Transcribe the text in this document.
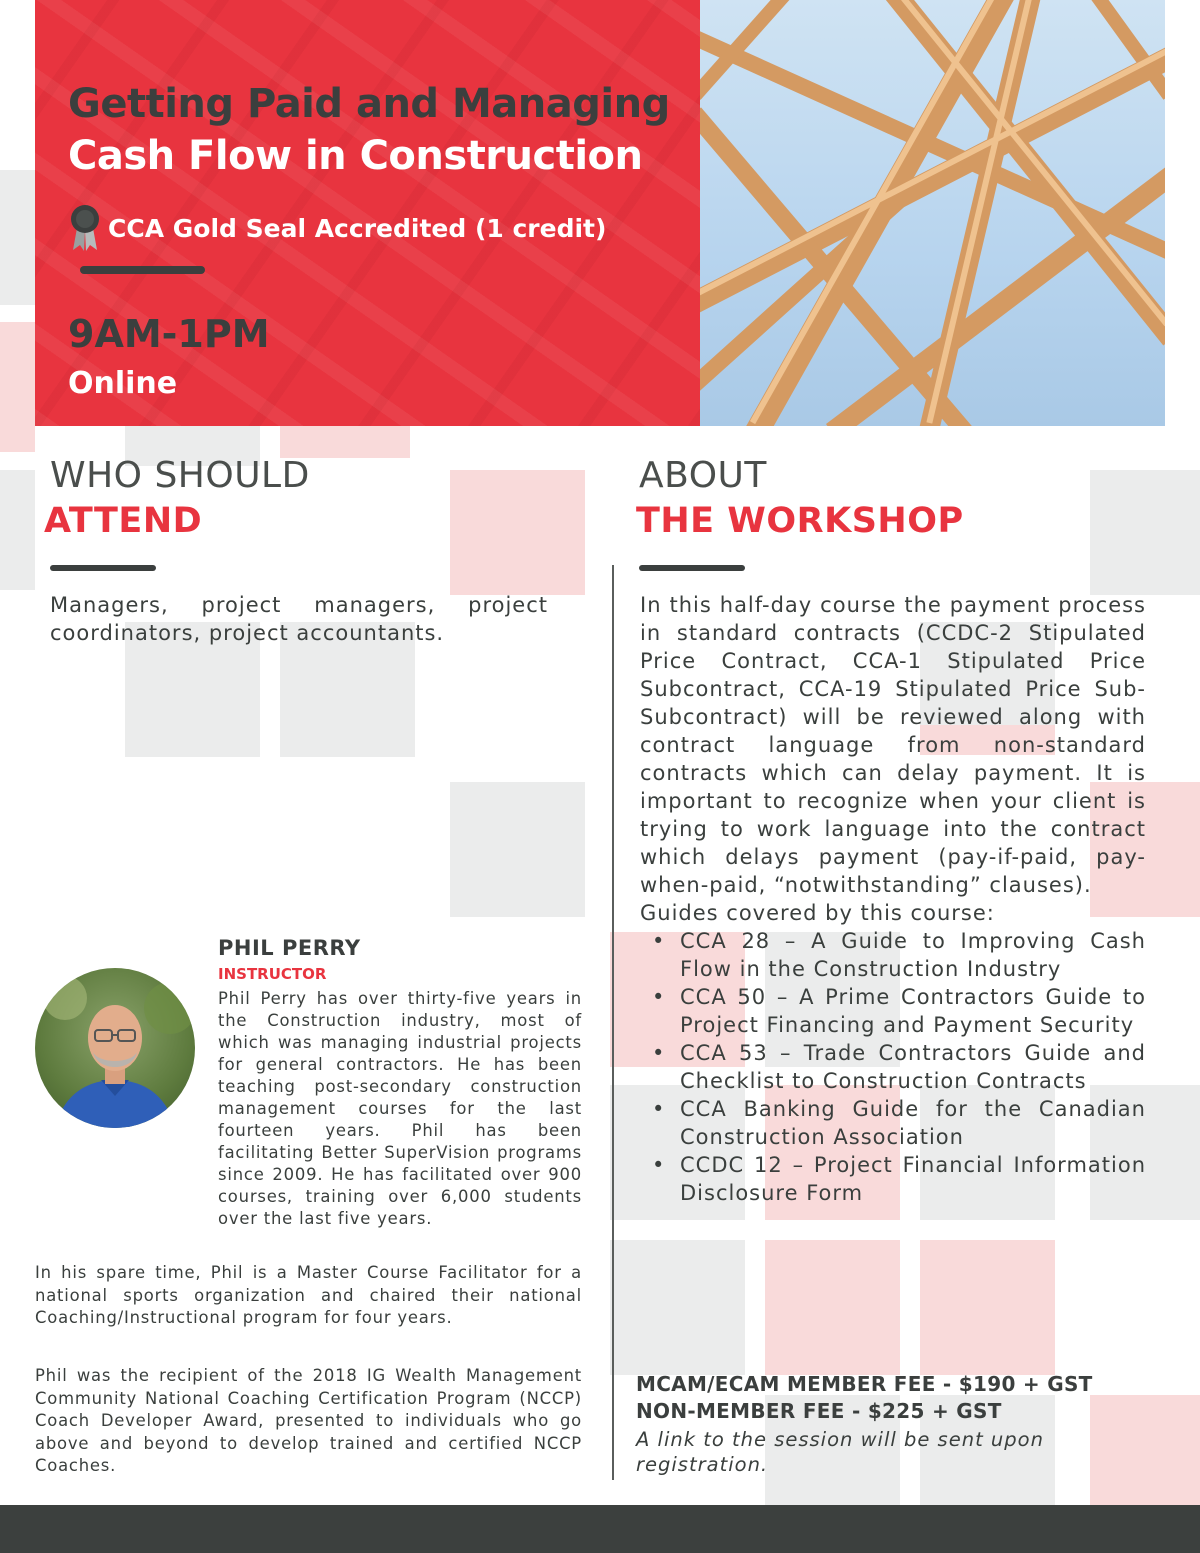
Getting Paid and Managing
Cash Flow in Construction
CCA Gold Seal Accredited (1 credit)
9AM-1PM
Online
WHO SHOULD
ATTEND
Managers, project managers, project coordinators, project accountants.
ABOUT
THE WORKSHOP

In this half-day course the payment process in standard contracts (CCDC-2 Stipulated Price Contract, CCA-1 Stipulated Price Subcontract, CCA-19 Stipulated Price Sub-Subcontract) will be reviewed along with contract language from non-standard contracts which can delay payment. It is important to recognize when your client is trying to work language into the contract which delays payment (pay-if-paid, pay-when-paid, “notwithstanding” clauses).

Guides covered by this course:

• CCA 28 – A Guide to Improving Cash Flow in the Construction Industry
• CCA 50 – A Prime Contractors Guide to Project Financing and Payment Security
• CCA 53 – Trade Contractors Guide and Checklist to Construction Contracts
• CCA Banking Guide for the Canadian Construction Association
• CCDC 12 – Project Financial Information Disclosure Form
PHIL PERRY
INSTRUCTOR
Phil Perry has over thirty-five years in the Construction industry, most of which was managing industrial projects for general contractors. He has been teaching post-secondary construction management courses for the last fourteen years. Phil has been facilitating Better SuperVision programs since 2009. He has facilitated over 900 courses, training over 6,000 students over the last five years.
In his spare time, Phil is a Master Course Facilitator for a national sports organization and chaired their national Coaching/Instructional program for four years.
Phil was the recipient of the 2018 IG Wealth Management Community National Coaching Certification Program (NCCP) Coach Developer Award, presented to individuals who go above and beyond to develop trained and certified NCCP Coaches.
MCAM/ECAM MEMBER FEE - $190 + GST
NON-MEMBER FEE - $225 + GST
A link to the session will be sent upon registration.
